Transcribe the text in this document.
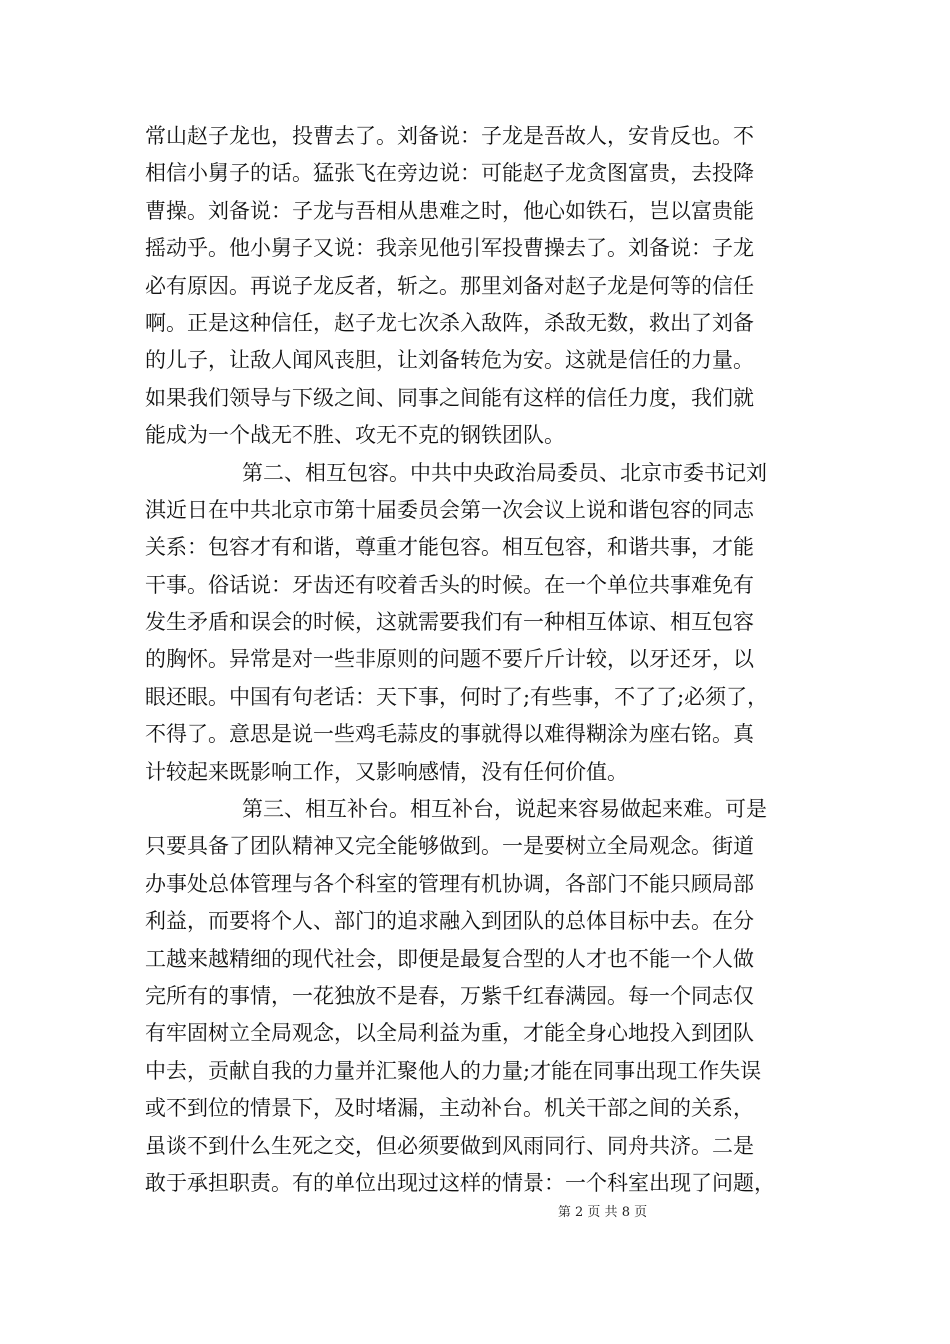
常山赵子龙也，投曹去了。刘备说：子龙是吾故人，安肯反也。不
相信小舅子的话。猛张飞在旁边说：可能赵子龙贪图富贵，去投降
曹操。刘备说：子龙与吾相从患难之时，他心如铁石，岂以富贵能
摇动乎。他小舅子又说：我亲见他引军投曹操去了。刘备说：子龙
必有原因。再说子龙反者，斩之。那里刘备对赵子龙是何等的信任
啊。正是这种信任，赵子龙七次杀入敌阵，杀敌无数，救出了刘备
的儿子，让敌人闻风丧胆，让刘备转危为安。这就是信任的力量。
如果我们领导与下级之间、同事之间能有这样的信任力度，我们就
能成为一个战无不胜、攻无不克的钢铁团队。
第二、相互包容。中共中央政治局委员、北京市委书记刘
淇近日在中共北京市第十届委员会第一次会议上说和谐包容的同志
关系：包容才有和谐，尊重才能包容。相互包容，和谐共事，才能
干事。俗话说：牙齿还有咬着舌头的时候。在一个单位共事难免有
发生矛盾和误会的时候，这就需要我们有一种相互体谅、相互包容
的胸怀。异常是对一些非原则的问题不要斤斤计较，以牙还牙，以
眼还眼。中国有句老话：天下事，何时了;有些事，不了了;必须了，
不得了。意思是说一些鸡毛蒜皮的事就得以难得糊涂为座右铭。真
计较起来既影响工作，又影响感情，没有任何价值。
第三、相互补台。相互补台，说起来容易做起来难。可是
只要具备了团队精神又完全能够做到。一是要树立全局观念。街道
办事处总体管理与各个科室的管理有机协调，各部门不能只顾局部
利益，而要将个人、部门的追求融入到团队的总体目标中去。在分
工越来越精细的现代社会，即便是最复合型的人才也不能一个人做
完所有的事情，一花独放不是春，万紫千红春满园。每一个同志仅
有牢固树立全局观念，以全局利益为重，才能全身心地投入到团队
中去，贡献自我的力量并汇聚他人的力量;才能在同事出现工作失误
或不到位的情景下，及时堵漏，主动补台。机关干部之间的关系，
虽谈不到什么生死之交，但必须要做到风雨同行、同舟共济。二是
敢于承担职责。有的单位出现过这样的情景：一个科室出现了问题，
第 2 页 共 8 页
